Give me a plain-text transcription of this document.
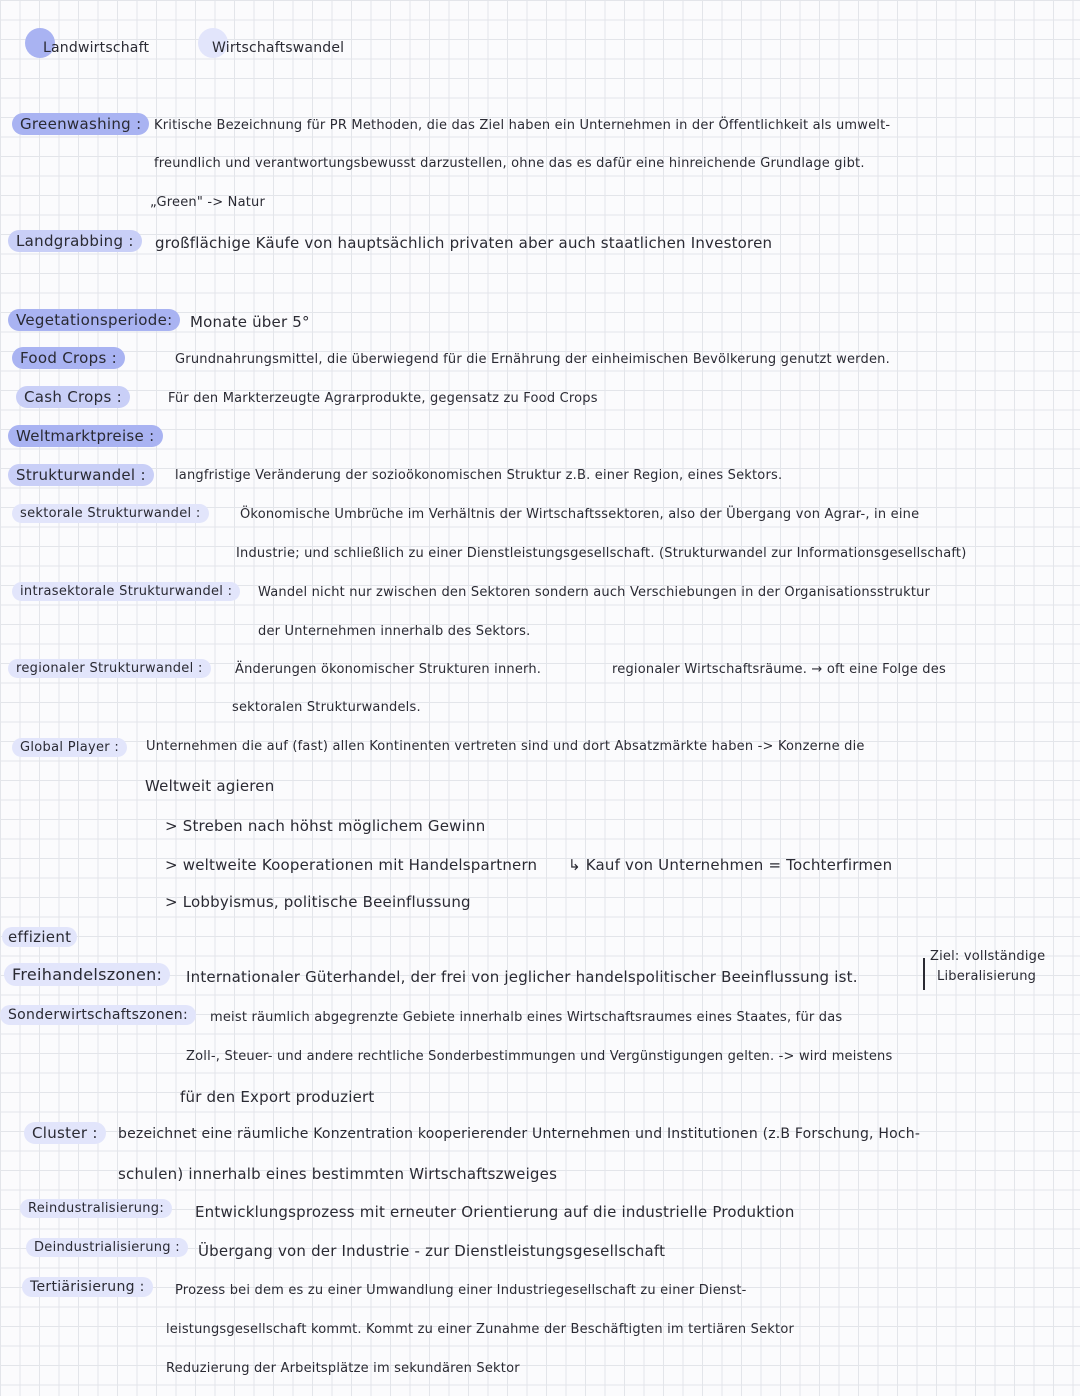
Landwirtschaft	Wirtschaftswandel
Greenwashing : Kritische Bezeichnung für PR Methoden, die das Ziel haben ein Unternehmen in der Öffentlichkeit als umwelt-
freundlich und verantwortungsbewusst darzustellen, ohne das es dafür eine hinreichende Grundlage gibt.
„Green" -> Natur
Landgrabbing :	großflächige Käufe von hauptsächlich privaten aber auch staatlichen Investoren
Vegetationsperiode:	Monate über 5°
Food Crops :	Grundnahrungsmittel, die überwiegend für die Ernährung der einheimischen Bevölkerung genutzt werden.
Cash Crops :	Für den Markterzeugte Agrarprodukte, gegensatz zu Food Crops
Weltmarktpreise :
Strukturwandel :	langfristige Veränderung der sozioökonomischen Struktur z.B. einer Region, eines Sektors.
sektorale Strukturwandel :	Ökonomische Umbrüche im Verhältnis der Wirtschaftssektoren, also der Übergang von Agrar-, in eine
Industrie; und schließlich zu einer Dienstleistungsgesellschaft. (Strukturwandel zur Informationsgesellschaft)
intrasektorale Strukturwandel :	Wandel nicht nur zwischen den Sektoren sondern auch Verschiebungen in der Organisationsstruktur
der Unternehmen innerhalb des Sektors.
regionaler Strukturwandel :	Änderungen ökonomischer Strukturen innerh.	regionaler Wirtschaftsräume. → oft eine Folge des
sektoralen Strukturwandels.
Global Player :	Unternehmen die auf (fast) allen Kontinenten vertreten sind und dort Absatzmärkte haben -> Konzerne die
Weltweit agieren
> Streben nach höhst möglichem Gewinn
> weltweite Kooperationen mit Handelspartnern ↳ Kauf von Unternehmen = Tochterfirmen
> Lobbyismus, politische Beeinflussung
effizient
Freihandelszonen:	Internationaler Güterhandel, der frei von jeglicher handelspolitischer Beeinflussung ist.
Ziel: vollständige
Liberalisierung
Sonderwirtschaftszonen:	meist räumlich abgegrenzte Gebiete innerhalb eines Wirtschaftsraumes eines Staates, für das
Zoll-, Steuer- und andere rechtliche Sonderbestimmungen und Vergünstigungen gelten. -> wird meistens
für den Export produziert
Cluster :	bezeichnet eine räumliche Konzentration kooperierender Unternehmen und Institutionen (z.B Forschung, Hoch-
schulen) innerhalb eines bestimmten Wirtschaftszweiges
Reindustralisierung:	Entwicklungsprozess mit erneuter Orientierung auf die industrielle Produktion
Deindustrialisierung :	Übergang von der Industrie - zur Dienstleistungsgesellschaft
Tertiärisierung :	Prozess bei dem es zu einer Umwandlung einer Industriegesellschaft zu einer Dienst-
leistungsgesellschaft kommt. Kommt zu einer Zunahme der Beschäftigten im tertiären Sektor
Reduzierung der Arbeitsplätze im sekundären Sektor
